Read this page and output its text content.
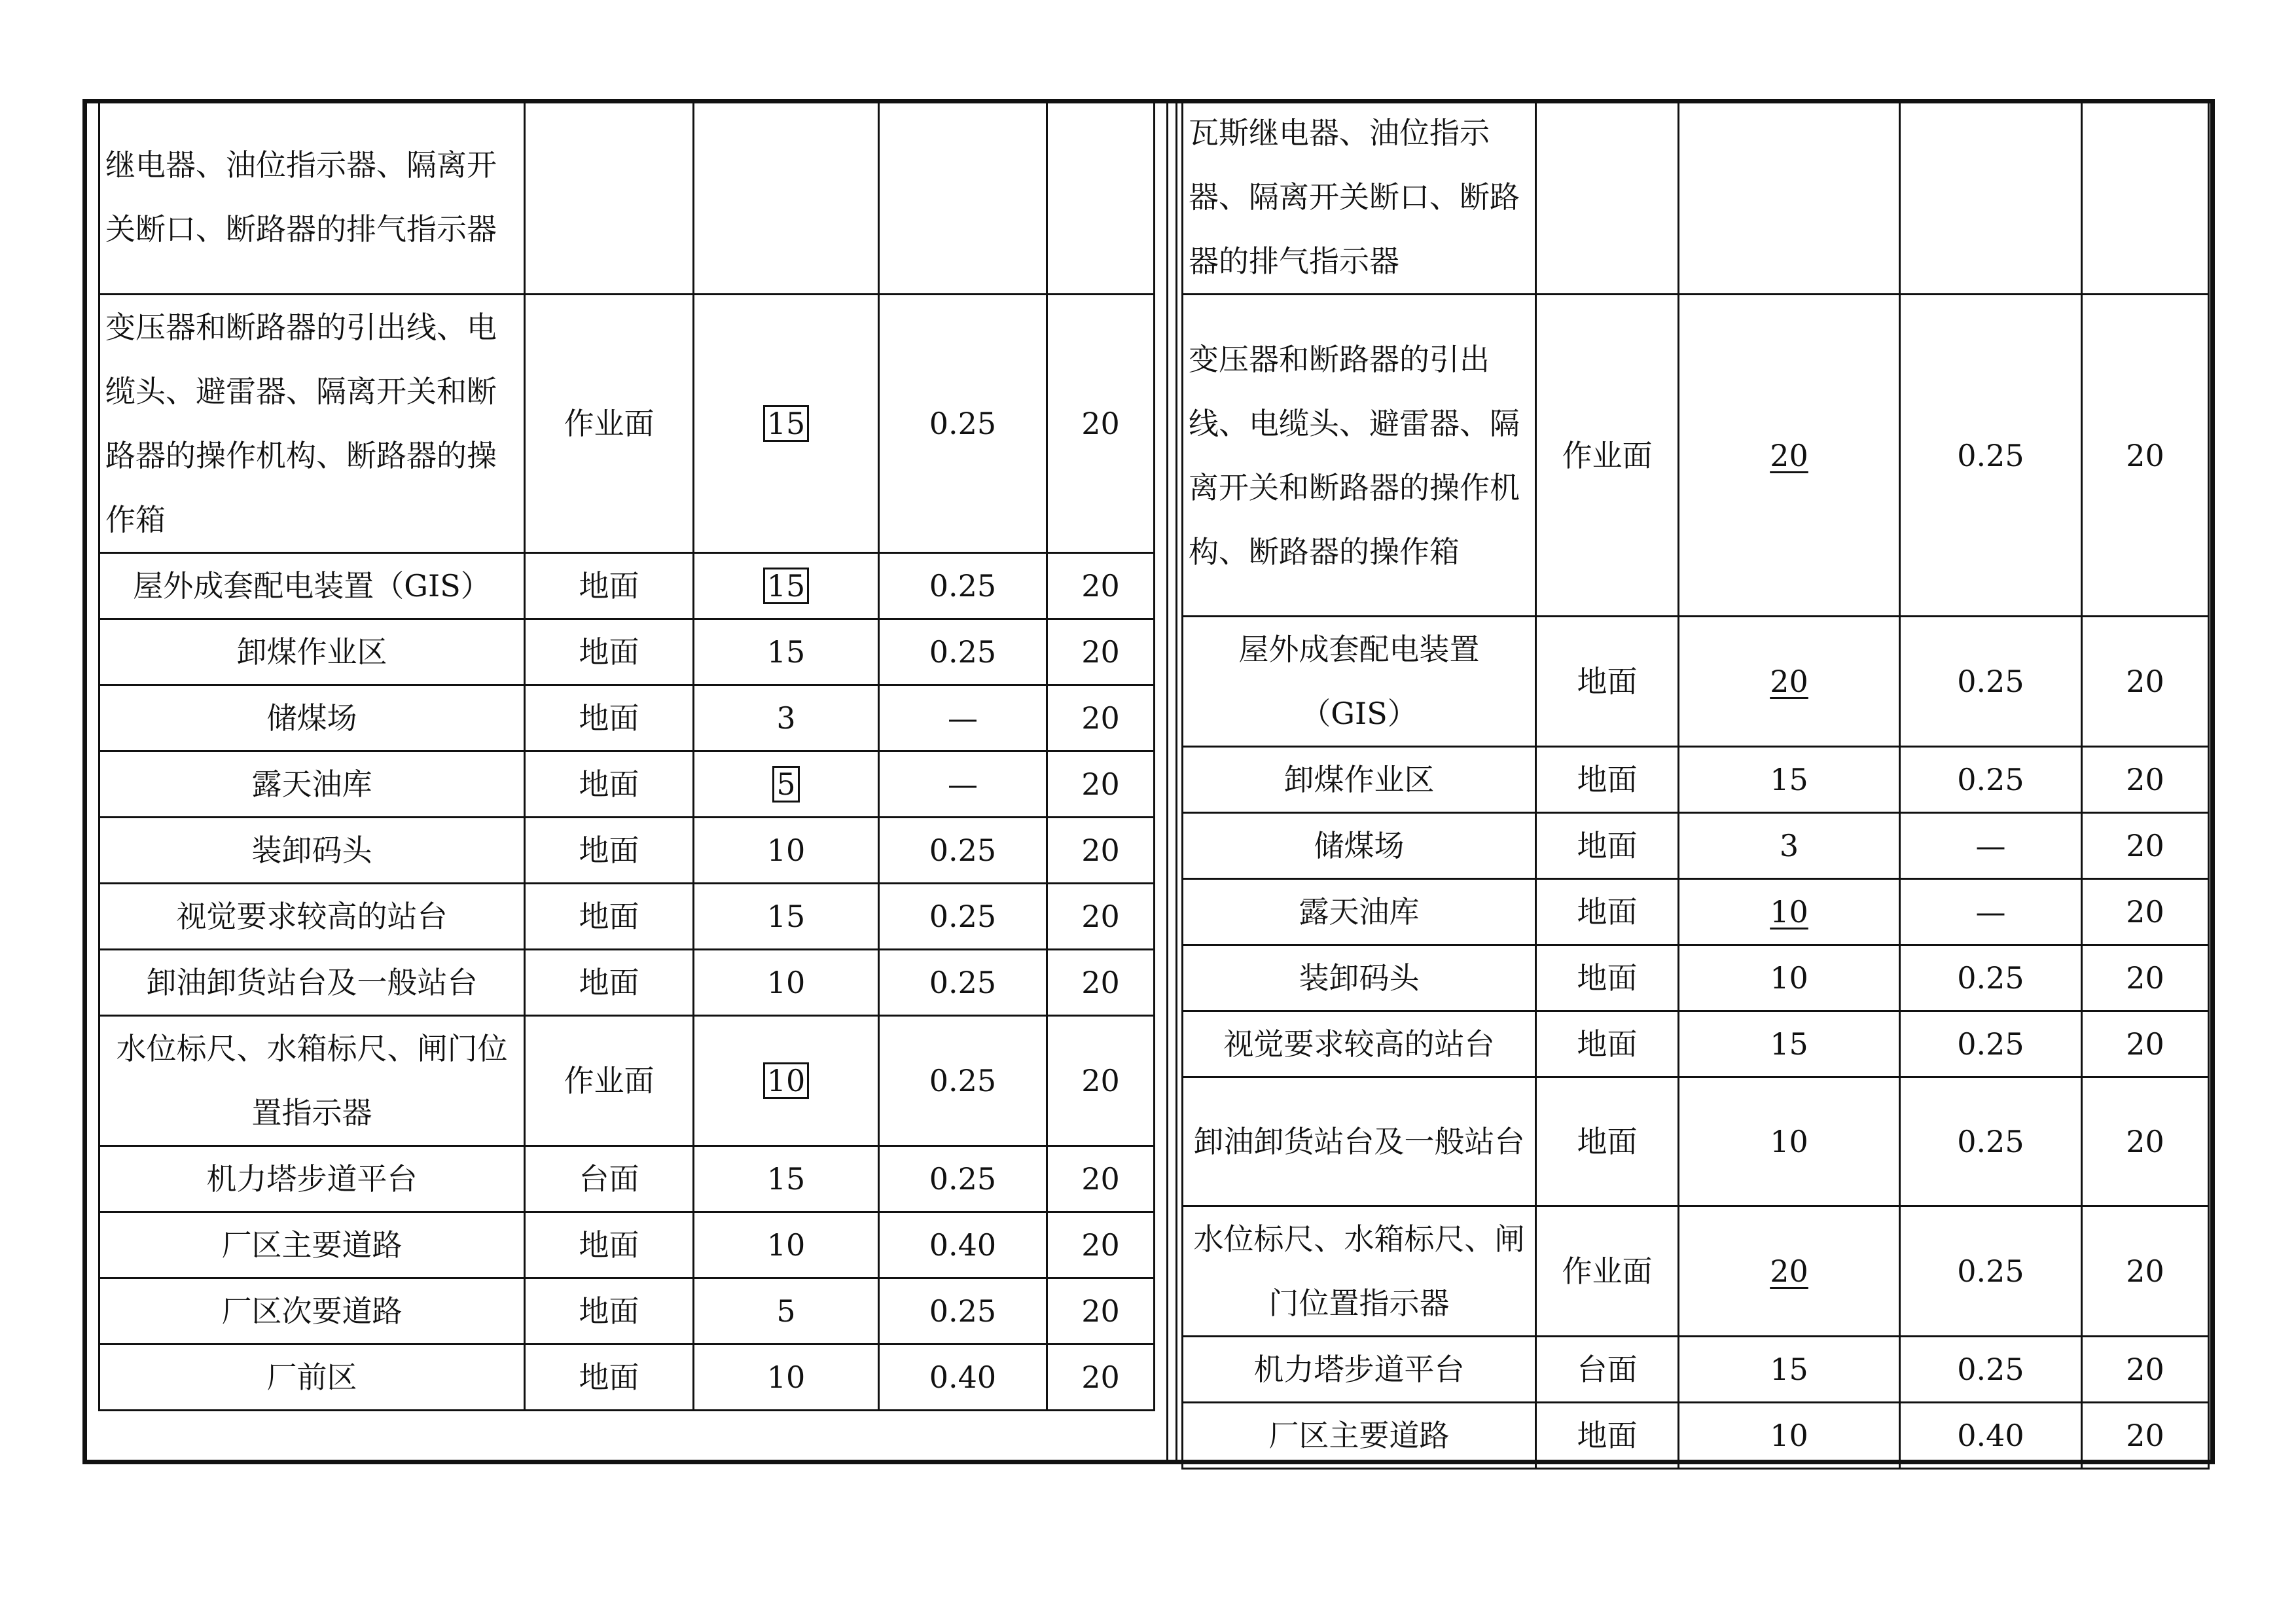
继电器、油位指示器、隔离开关断口、断路器的排气指示器				
变压器和断路器的引出线、电缆头、避雷器、隔离开关和断路器的操作机构、断路器的操作箱	作业面	15	0.25	20
屋外成套配电装置（GIS）	地面	15	0.25	20
卸煤作业区	地面	15	0.25	20
储煤场	地面	3	—	20
露天油库	地面	5	—	20
装卸码头	地面	10	0.25	20
视觉要求较高的站台	地面	15	0.25	20
卸油卸货站台及一般站台	地面	10	0.25	20
水位标尺、水箱标尺、闸门位置指示器	作业面	10	0.25	20
机力塔步道平台	台面	15	0.25	20
厂区主要道路	地面	10	0.40	20
厂区次要道路	地面	5	0.25	20
厂前区	地面	10	0.40	20
瓦斯继电器、油位指示器、隔离开关断口、断路器的排气指示器				
变压器和断路器的引出线、电缆头、避雷器、隔离开关和断路器的操作机构、断路器的操作箱	作业面	20	0.25	20
屋外成套配电装置（GIS）	地面	20	0.25	20
卸煤作业区	地面	15	0.25	20
储煤场	地面	3	—	20
露天油库	地面	10	—	20
装卸码头	地面	10	0.25	20
视觉要求较高的站台	地面	15	0.25	20
卸油卸货站台及一般站台	地面	10	0.25	20
水位标尺、水箱标尺、闸门位置指示器	作业面	20	0.25	20
机力塔步道平台	台面	15	0.25	20
厂区主要道路	地面	10	0.40	20
